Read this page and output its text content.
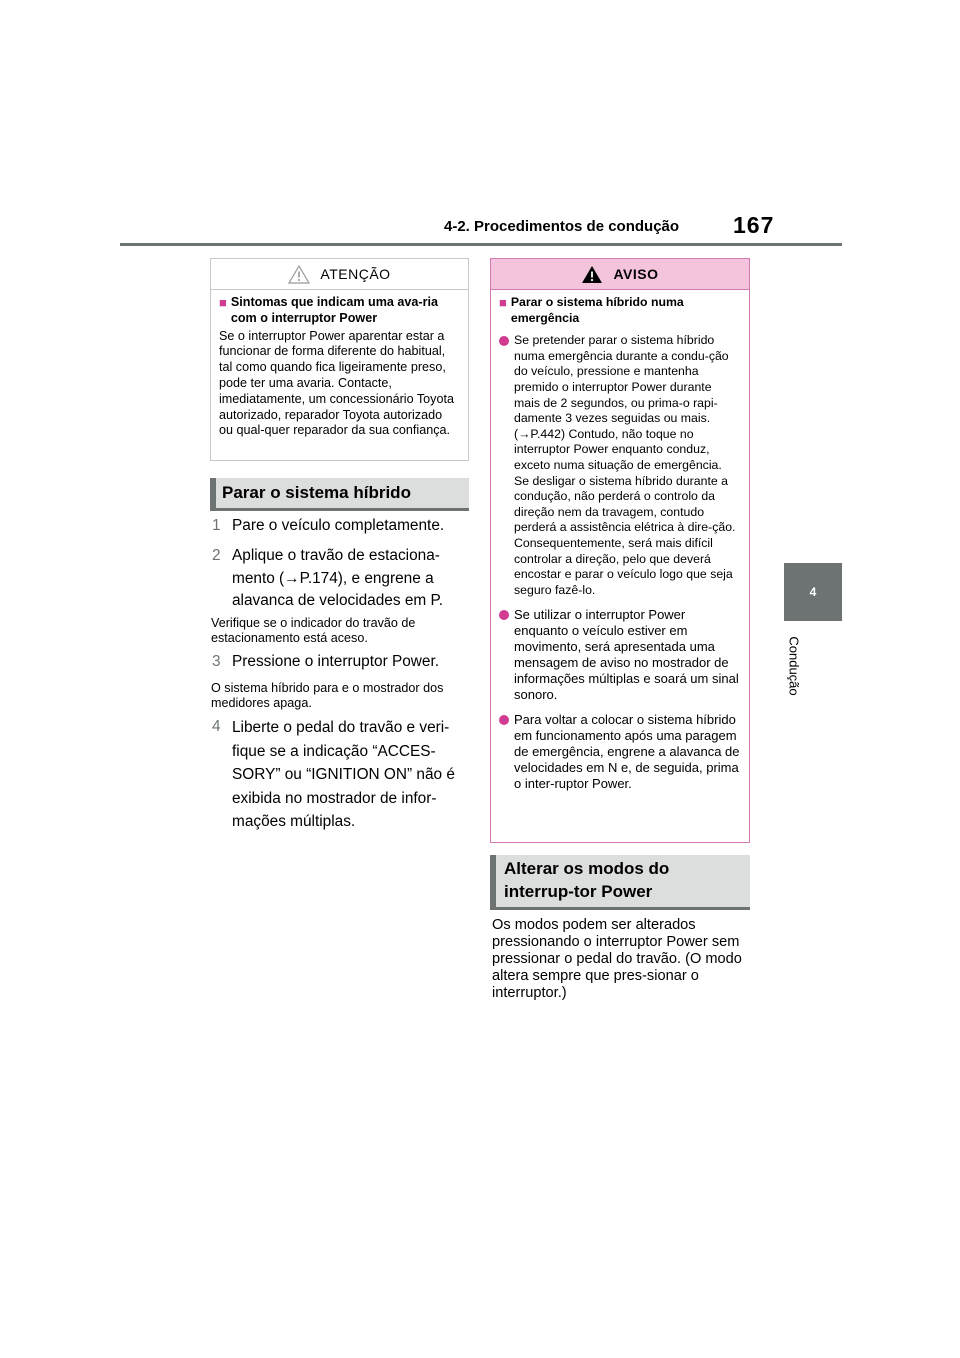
4-2. Procedimentos de condução 167
4
Condução
ATENÇÃO
■ Sintomas que indicam uma ava-ria com o interruptor Power
Se o interruptor Power aparentar estar a funcionar de forma diferente do habitual, tal como quando fica ligeiramente preso, pode ter uma avaria. Contacte, imediatamente, um concessionário Toyota autorizado, reparador Toyota autorizado ou qual-quer reparador da sua confiança.
Parar o sistema híbrido
1 Pare o veículo completamente.
2 Aplique o travão de estaciona-mento (→P.174), e engrene a alavanca de velocidades em P.
Verifique se o indicador do travão de estacionamento está aceso.
3 Pressione o interruptor Power.
O sistema híbrido para e o mostrador dos medidores apaga.
4 Liberte o pedal do travão e veri-fique se a indicação “ACCES-SORY” ou “IGNITION ON” não é exibida no mostrador de infor-mações múltiplas.
AVISO
■ Parar o sistema híbrido numa emergência
Se pretender parar o sistema híbrido numa emergência durante a condu-ção do veículo, pressione e mantenha premido o interruptor Power durante mais de 2 segundos, ou prima-o rapi-damente 3 vezes seguidas ou mais. (→P.442) Contudo, não toque no interruptor Power enquanto conduz, exceto numa situação de emergência. Se desligar o sistema híbrido durante a condução, não perderá o controlo da direção nem da travagem, contudo perderá a assistência elétrica à dire-ção. Consequentemente, será mais difícil controlar a direção, pelo que deverá encostar e parar o veículo logo que seja seguro fazê-lo.
Se utilizar o interruptor Power enquanto o veículo estiver em movimento, será apresentada uma mensagem de aviso no mostrador de informações múltiplas e soará um sinal sonoro.
Para voltar a colocar o sistema híbrido em funcionamento após uma paragem de emergência, engrene a alavanca de velocidades em N e, de seguida, prima o inter-ruptor Power.
Alterar os modos do interrup-tor Power
Os modos podem ser alterados pressionando o interruptor Power sem pressionar o pedal do travão. (O modo altera sempre que pres-sionar o interruptor.)
